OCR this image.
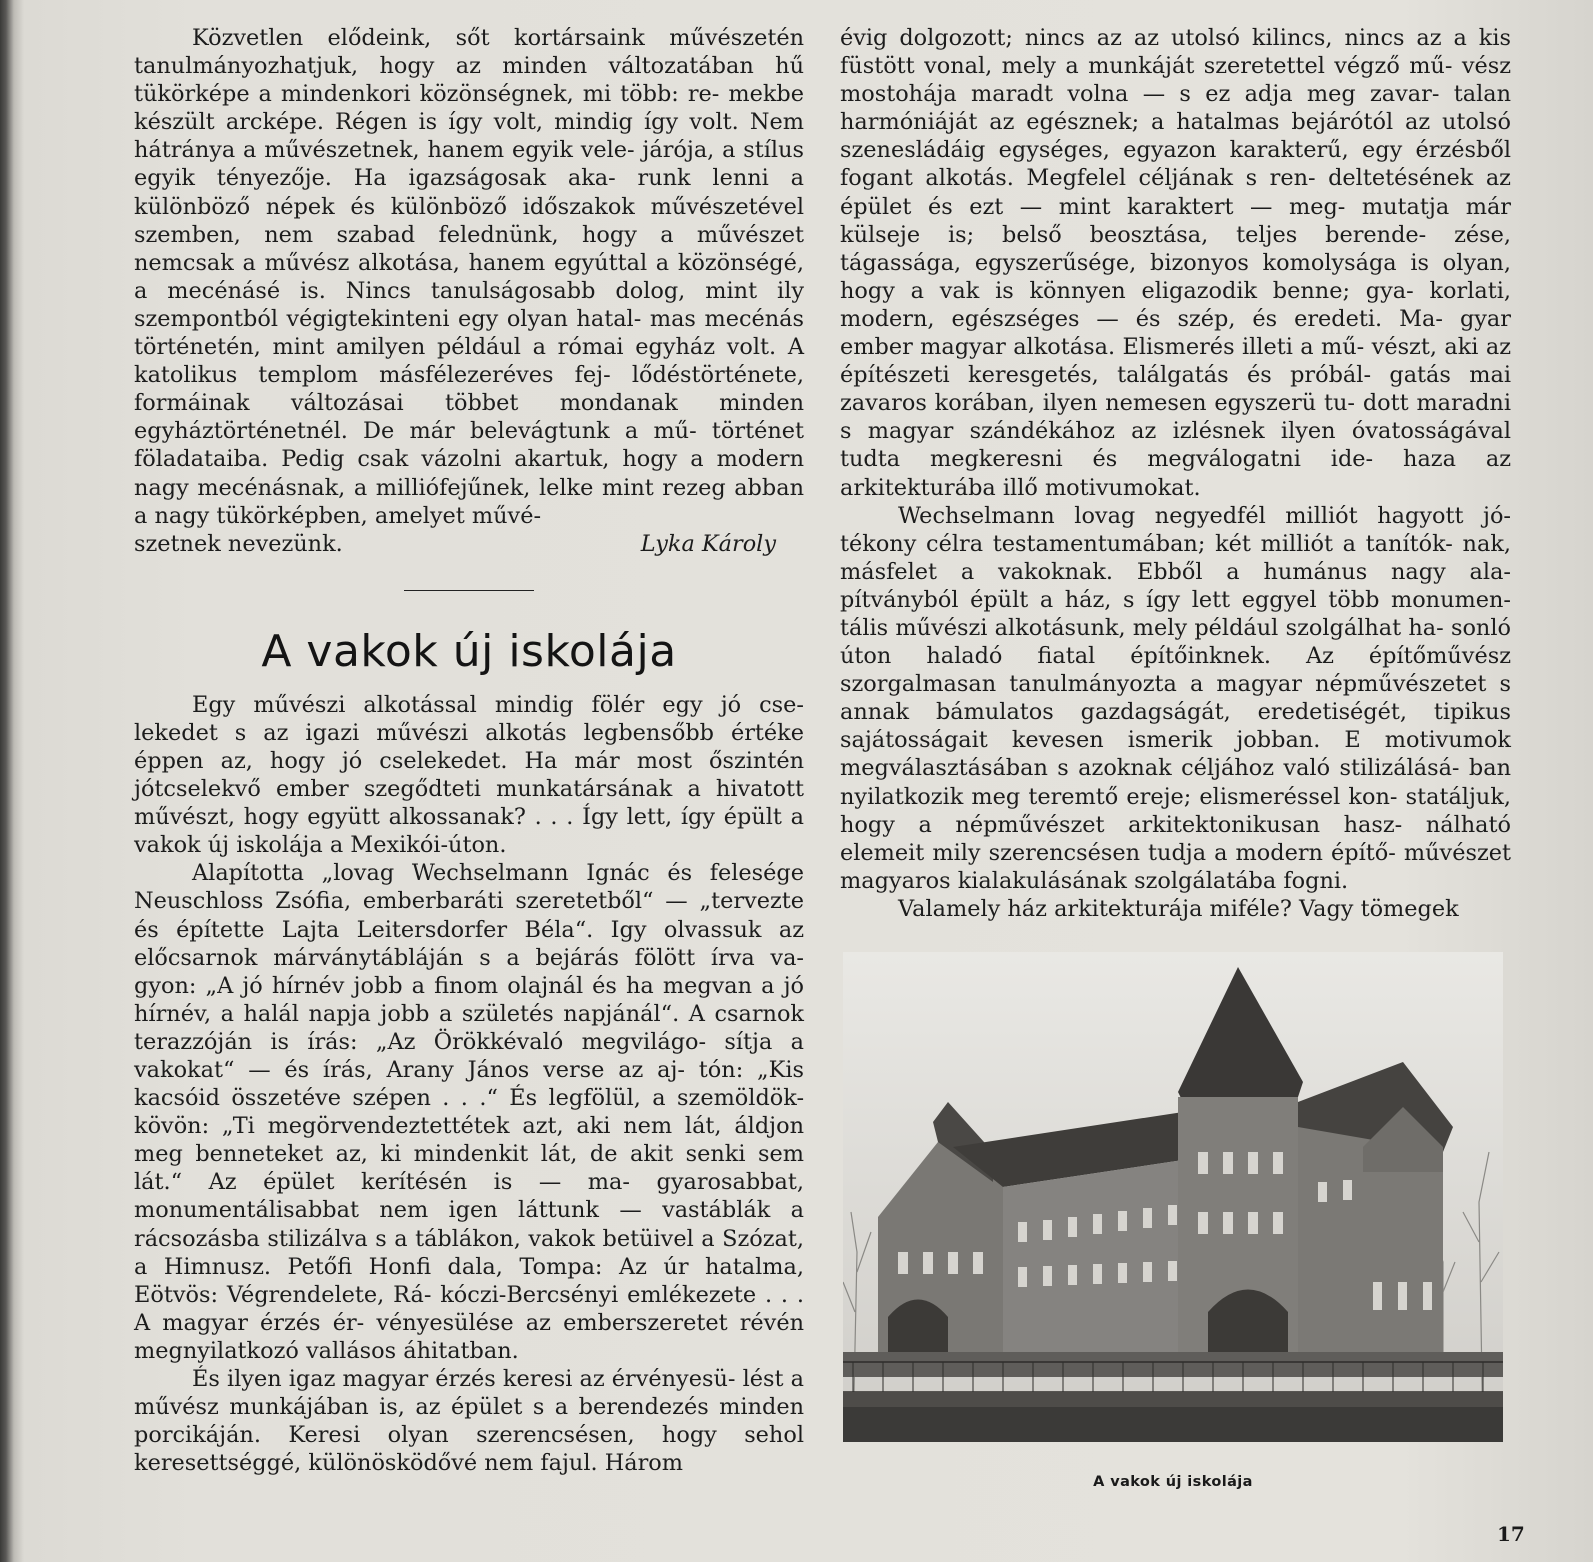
Közvetlen elődeink, sőt kortársaink művészetén tanulmányozhatjuk, hogy az minden változatában hű tükörképe a mindenkori közönségnek, mi több: re- mekbe készült arcképe. Régen is így volt, mindig így volt. Nem hátránya a művészetnek, hanem egyik vele- járója, a stílus egyik tényezője. Ha igazságosak aka- runk lenni a különböző népek és különböző időszakok művészetével szemben, nem szabad felednünk, hogy a művészet nemcsak a művész alkotása, hanem egyúttal a közönségé, a mecénásé is. Nincs tanulságosabb dolog, mint ily szempontból végigtekinteni egy olyan hatal- mas mecénás történetén, mint amilyen például a római egyház volt. A katolikus templom másfélezeréves fej- lődéstörténete, formáinak változásai többet mondanak minden egyháztörténetnél. De már belevágtunk a mű- történet föladataiba. Pedig csak vázolni akartuk, hogy a modern nagy mecénásnak, a milliófejűnek, lelke mint rezeg abban a nagy tükörképben, amelyet művé-

szetnek nevezünk.	Lyka Károly
A vakok új iskolája

Egy művészi alkotással mindig fölér egy jó cse- lekedet s az igazi művészi alkotás legbensőbb értéke éppen az, hogy jó cselekedet. Ha már most őszintén jótcselekvő ember szegődteti munkatársának a hivatott művészt, hogy együtt alkossanak? . . . Így lett, így épült a vakok új iskolája a Mexikói-úton.

Alapította „lovag Wechselmann Ignác és felesége Neuschloss Zsófia, emberbaráti szeretetből“ — „tervezte és építette Lajta Leitersdorfer Béla“. Igy olvassuk az előcsarnok márványtábláján s a bejárás fölött írva va- gyon: „A jó hírnév jobb a finom olajnál és ha megvan a jó hírnév, a halál napja jobb a születés napjánál“. A csarnok terazzóján is írás: „Az Örökkévaló megvilágo- sítja a vakokat“ — és írás, Arany János verse az aj- tón: „Kis kacsóid összetéve szépen . . .“ És legfölül, a szemöldök-kövön: „Ti megörvendeztettétek azt, aki nem lát, áldjon meg benneteket az, ki mindenkit lát, de akit senki sem lát.“ Az épület kerítésén is — ma- gyarosabbat, monumentálisabbat nem igen láttunk — vastáblák a rácsozásba stilizálva s a táblákon, vakok betüivel a Szózat, a Himnusz. Petőfi Honfi dala, Tompa: Az úr hatalma, Eötvös: Végrendelete, Rá- kóczi-Bercsényi emlékezete . . . A magyar érzés ér- vényesülése az emberszeretet révén megnyilatkozó vallásos áhitatban.

És ilyen igaz magyar érzés keresi az érvényesü- lést a művész munkájában is, az épület s a berendezés minden porcikáján. Keresi olyan szerencsésen, hogy sehol keresettséggé, különösködővé nem fajul. Három

évig dolgozott; nincs az az utolsó kilincs, nincs az a kis füstött vonal, mely a munkáját szeretettel végző mű- vész mostohája maradt volna — s ez adja meg zavar- talan harmóniáját az egésznek; a hatalmas bejárótól az utolsó szenesládáig egységes, egyazon karakterű, egy érzésből fogant alkotás. Megfelel céljának s ren- deltetésének az épület és ezt — mint karaktert — meg- mutatja már külseje is; belső beosztása, teljes berende- zése, tágassága, egyszerűsége, bizonyos komolysága is olyan, hogy a vak is könnyen eligazodik benne; gya- korlati, modern, egészséges — és szép, és eredeti. Ma- gyar ember magyar alkotása. Elismerés illeti a mű- vészt, aki az építészeti keresgetés, találgatás és próbál- gatás mai zavaros korában, ilyen nemesen egyszerü tu- dott maradni s magyar szándékához az izlésnek ilyen óvatosságával tudta megkeresni és megválogatni ide- haza az arkitekturába illő motivumokat.

Wechselmann lovag negyedfél milliót hagyott jó- tékony célra testamentumában; két milliót a tanítók- nak, másfelet a vakoknak. Ebből a humánus nagy ala- pítványból épült a ház, s így lett eggyel több monumen- tális művészi alkotásunk, mely például szolgálhat ha- sonló úton haladó fiatal építőinknek. Az építőművész szorgalmasan tanulmányozta a magyar népművészetet s annak bámulatos gazdagságát, eredetiségét, tipikus sajátosságait kevesen ismerik jobban. E motivumok megválasztásában s azoknak céljához való stilizálásá- ban nyilatkozik meg teremtő ereje; elismeréssel kon- statáljuk, hogy a népművészet arkitektonikusan hasz- nálható elemeit mily szerencsésen tudja a modern építő- művészet magyaros kialakulásának szolgálatába fogni.

Valamely ház arkitekturája miféle? Vagy tömegek

A vakok új iskolája
17
